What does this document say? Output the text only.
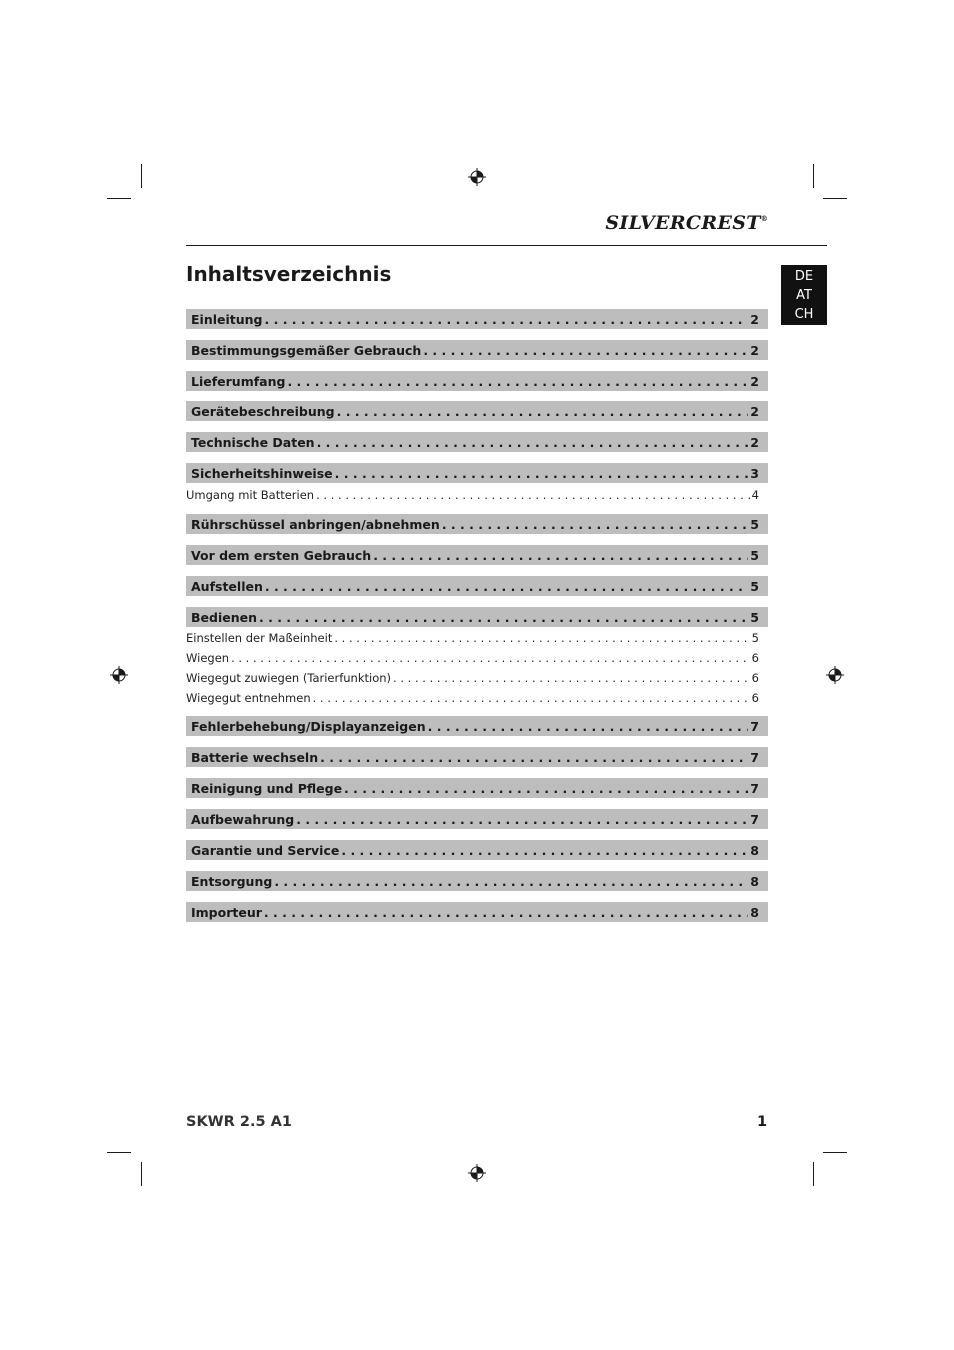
SILVERCREST®
Inhaltsverzeichnis	DE
AT
CH
Einleitung . . .	2
Bestimmungsgemäßer Gebrauch . . .	2
Lieferumfang . . .	2
Gerätebeschreibung . . .	2
Technische Daten . . .	2
Sicherheitshinweise . . .	3
Umgang mit Batterien . . .	4
Rührschüssel anbringen/abnehmen . . .	5
Vor dem ersten Gebrauch . . .	5
Aufstellen . . .	5
Bedienen . . .	5
Einstellen der Maßeinheit . . .	5
Wiegen . . .	6
Wiegegut zuwiegen (Tarierfunktion) . . .	6
Wiegegut entnehmen . . .	6
Fehlerbehebung/Displayanzeigen . . .	7
Batterie wechseln . . .	7
Reinigung und Pflege . . .	7
Aufbewahrung . . .	7
Garantie und Service . . .	8
Entsorgung . . .	8
Importeur . . .	8
SKWR 2.5 A1	1
